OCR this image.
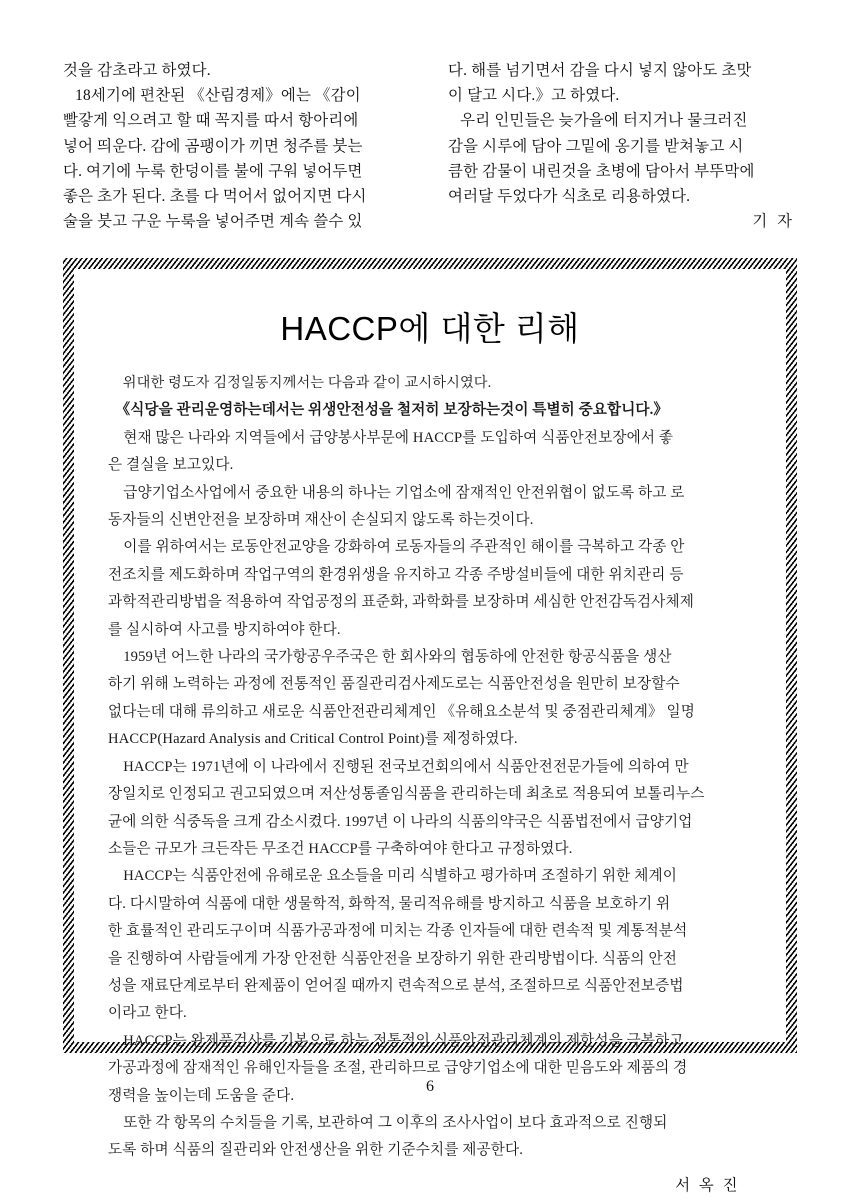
것을 감초라고 하였다.
18세기에 편찬된 《산림경제》에는 《감이
빨갛게 익으려고 할 때 꼭지를 따서 항아리에
넣어 띄운다. 감에 곰팽이가 끼면 청주를 붓는
다. 여기에 누룩 한덩이를 불에 구워 넣어두면
좋은 초가 된다. 초를 다 먹어서 없어지면 다시
술을 붓고 구운 누룩을 넣어주면 계속 쓸수 있
다. 해를 넘기면서 감을 다시 넣지 않아도 초맛
이 달고 시다.》고 하였다.
우리 인민들은 늦가을에 터지거나 물크러진
감을 시루에 담아 그밑에 옹기를 받쳐놓고 시
큼한 감물이 내린것을 초병에 담아서 부뚜막에
여러달 두었다가 식초로 리용하였다.
기 자
HACCP에 대한 리해
위대한 령도자 김정일동지께서는 다음과 같이 교시하시였다.
《식당을 관리운영하는데서는 위생안전성을 철저히 보장하는것이 특별히 중요합니다.》
현재 많은 나라와 지역들에서 급양봉사부문에 HACCP를 도입하여 식품안전보장에서 좋
은 결실을 보고있다.
급양기업소사업에서 중요한 내용의 하나는 기업소에 잠재적인 안전위협이 없도록 하고 로
동자들의 신변안전을 보장하며 재산이 손실되지 않도록 하는것이다.
이를 위하여서는 로동안전교양을 강화하여 로동자들의 주관적인 해이를 극복하고 각종 안
전조치를 제도화하며 작업구역의 환경위생을 유지하고 각종 주방설비들에 대한 위치관리 등
과학적관리방법을 적용하여 작업공정의 표준화, 과학화를 보장하며 세심한 안전감독검사체제
를 실시하여 사고를 방지하여야 한다.
1959년 어느한 나라의 국가항공우주국은 한 회사와의 협동하에 안전한 항공식품을 생산
하기 위해 노력하는 과정에 전통적인 품질관리검사제도로는 식품안전성을 원만히 보장할수
없다는데 대해 류의하고 새로운 식품안전관리체계인 《유해요소분석 및 중점관리체계》 일명
HACCP(Hazard Analysis and Critical Control Point)를 제정하였다.
HACCP는 1971년에 이 나라에서 진행된 전국보건회의에서 식품안전전문가들에 의하여 만
장일치로 인정되고 권고되였으며 저산성통졸임식품을 관리하는데 최초로 적용되여 보톨리누스
균에 의한 식중독을 크게 감소시켰다. 1997년 이 나라의 식품의약국은 식품법전에서 급양기업
소들은 규모가 크든작든 무조건 HACCP를 구축하여야 한다고 규정하였다.
HACCP는 식품안전에 유해로운 요소들을 미리 식별하고 평가하며 조절하기 위한 체계이
다. 다시말하여 식품에 대한 생물학적, 화학적, 물리적유해를 방지하고 식품을 보호하기 위
한 효률적인 관리도구이며 식품가공과정에 미치는 각종 인자들에 대한 련속적 및 계통적분석
을 진행하여 사람들에게 가장 안전한 식품안전을 보장하기 위한 관리방법이다. 식품의 안전
성을 재료단계로부터 완제품이 얻어질 때까지 련속적으로 분석, 조절하므로 식품안전보증법
이라고 한다.
HACCP는 완제품검사를 기본으로 하는 전통적인 식품안전관리체계의 제한성을 극복하고
가공과정에 잠재적인 유해인자들을 조절, 관리하므로 급양기업소에 대한 믿음도와 제품의 경
쟁력을 높이는데 도움을 준다.
또한 각 항목의 수치들을 기록, 보관하여 그 이후의 조사사업이 보다 효과적으로 진행되
도록 하며 식품의 질관리와 안전생산을 위한 기준수치를 제공한다.
서 옥 진
6
